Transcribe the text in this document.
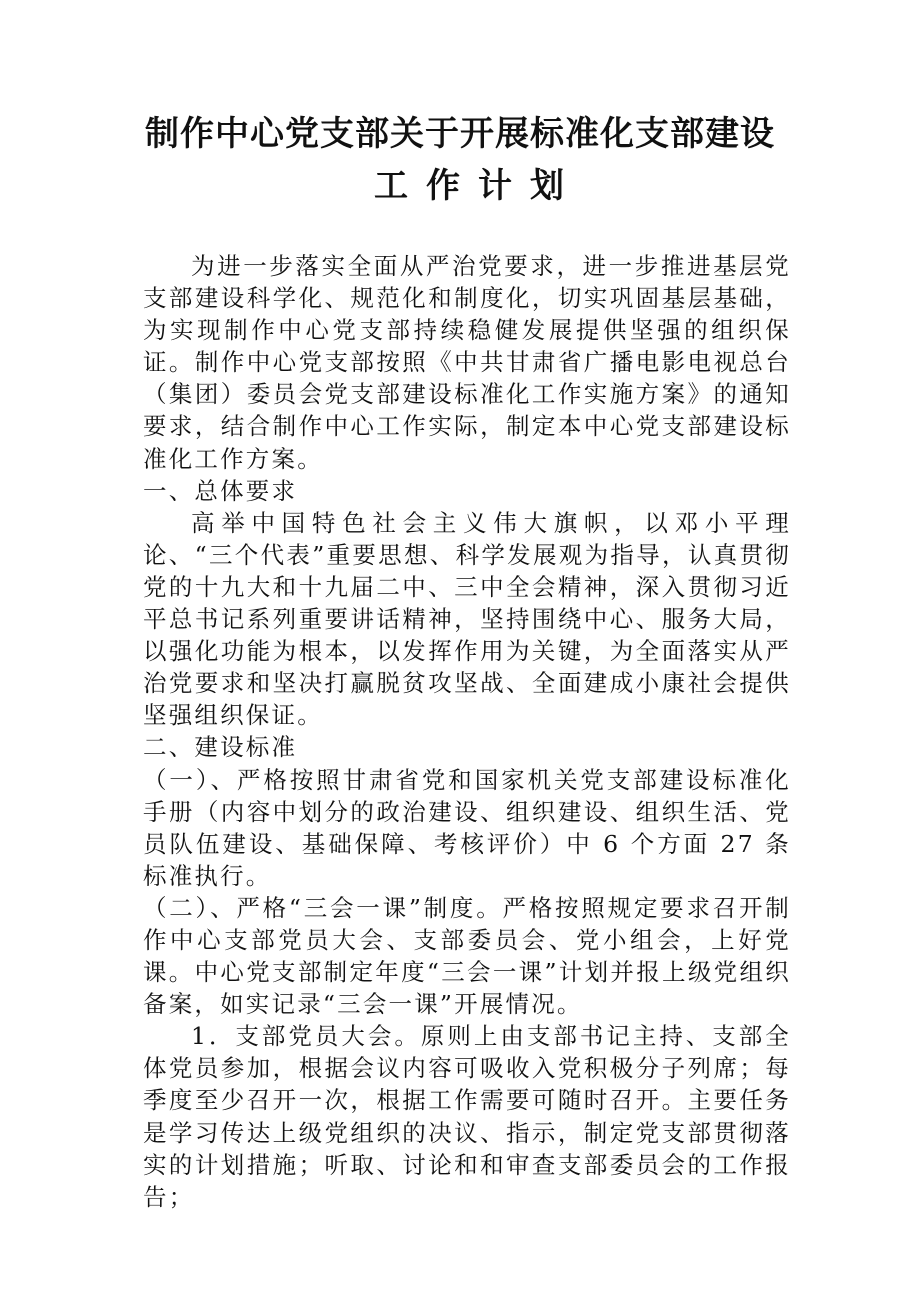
制作中心党支部关于开展标准化支部建设
工作计划

为进一步落实全面从严治党要求，进一步推进基层党支部建设科学化、规范化和制度化，切实巩固基层基础，为实现制作中心党支部持续稳健发展提供坚强的组织保证。制作中心党支部按照《中共甘肃省广播电影电视总台（集团）委员会党支部建设标准化工作实施方案》的通知要求，结合制作中心工作实际，制定本中心党支部建设标准化工作方案。

一、总体要求

高举中国特色社会主义伟大旗帜，以邓小平理论、“三个代表”重要思想、科学发展观为指导，认真贯彻党的十九大和十九届二中、三中全会精神，深入贯彻习近平总书记系列重要讲话精神，坚持围绕中心、服务大局，以强化功能为根本，以发挥作用为关键，为全面落实从严治党要求和坚决打赢脱贫攻坚战、全面建成小康社会提供坚强组织保证。

二、建设标准

（一）、严格按照甘肃省党和国家机关党支部建设标准化手册（内容中划分的政治建设、组织建设、组织生活、党员队伍建设、基础保障、考核评价）中 6 个方面 27 条标准执行。

（二）、严格“三会一课”制度。严格按照规定要求召开制作中心支部党员大会、支部委员会、党小组会，上好党课。中心党支部制定年度“三会一课”计划并报上级党组织备案，如实记录“三会一课”开展情况。

1．支部党员大会。原则上由支部书记主持、支部全体党员参加，根据会议内容可吸收入党积极分子列席；每季度至少召开一次，根据工作需要可随时召开。主要任务是学习传达上级党组织的决议、指示，制定党支部贯彻落实的计划措施；听取、讨论和和审查支部委员会的工作报告；
